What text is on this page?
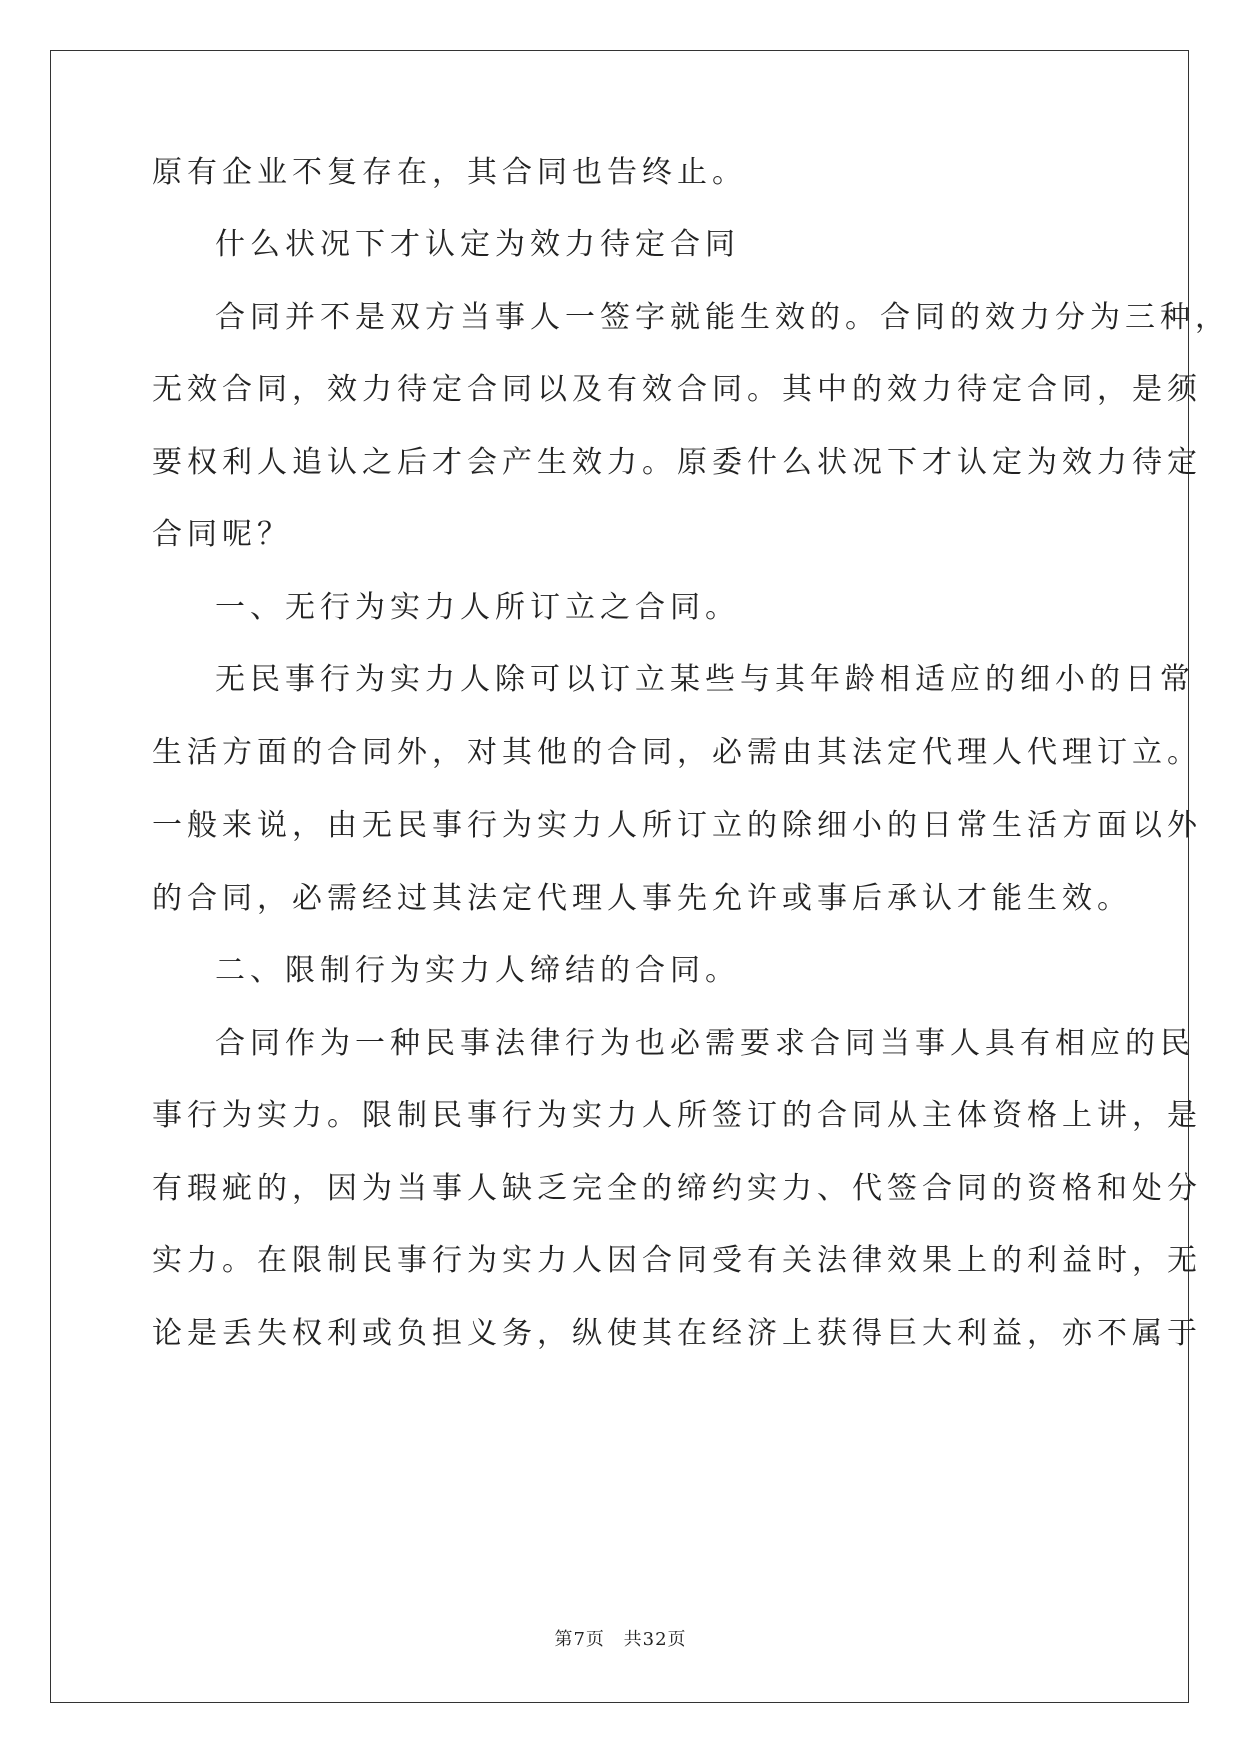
原有企业不复存在，其合同也告终止。
什么状况下才认定为效力待定合同
合同并不是双方当事人一签字就能生效的。合同的效力分为三种，
无效合同，效力待定合同以及有效合同。其中的效力待定合同，是须
要权利人追认之后才会产生效力。原委什么状况下才认定为效力待定
合同呢？
一、无行为实力人所订立之合同。
无民事行为实力人除可以订立某些与其年龄相适应的细小的日常
生活方面的合同外，对其他的合同，必需由其法定代理人代理订立。
一般来说，由无民事行为实力人所订立的除细小的日常生活方面以外
的合同，必需经过其法定代理人事先允许或事后承认才能生效。
二、限制行为实力人缔结的合同。
合同作为一种民事法律行为也必需要求合同当事人具有相应的民
事行为实力。限制民事行为实力人所签订的合同从主体资格上讲，是
有瑕疵的，因为当事人缺乏完全的缔约实力、代签合同的资格和处分
实力。在限制民事行为实力人因合同受有关法律效果上的利益时，无
论是丢失权利或负担义务，纵使其在经济上获得巨大利益，亦不属于
第7页 共32页
